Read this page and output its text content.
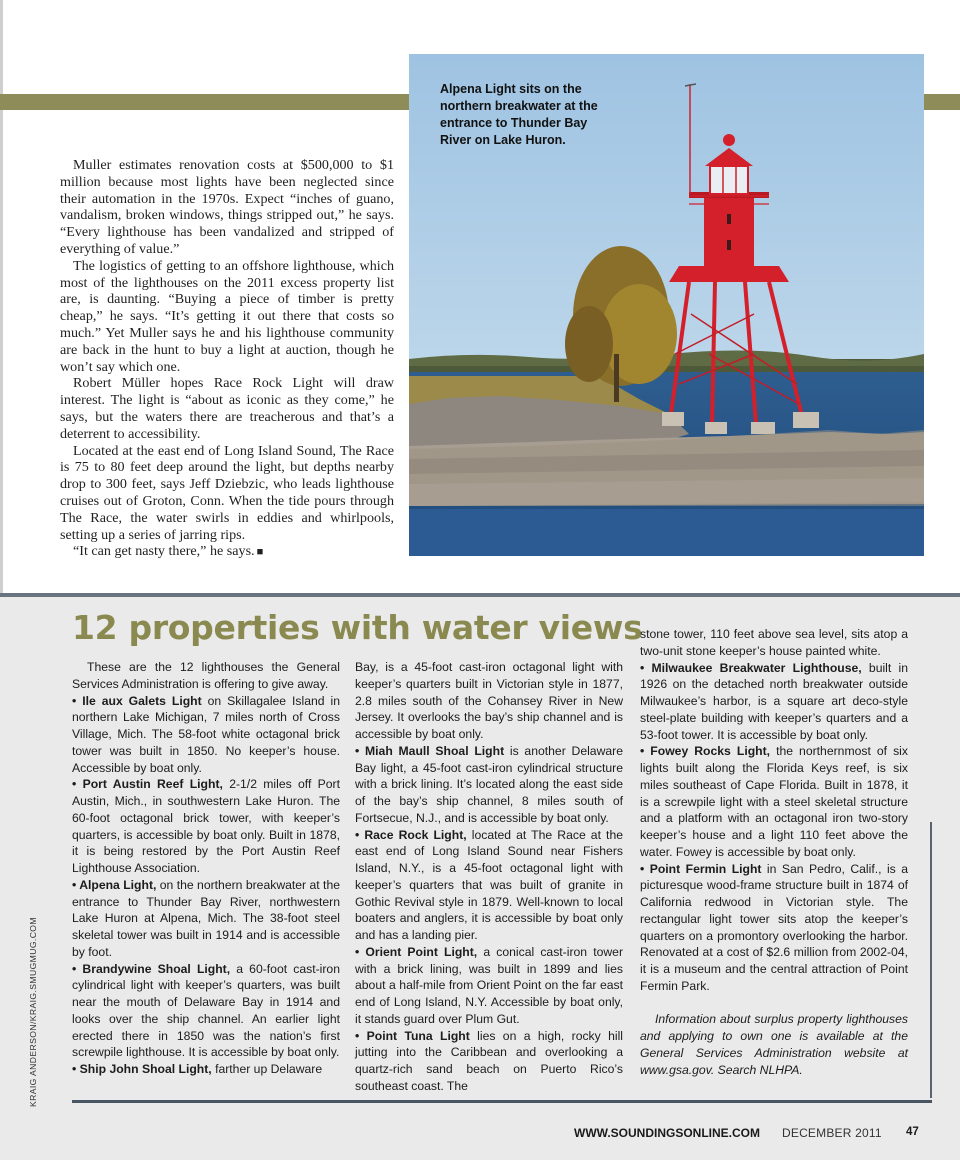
Alpena Light sits on the northern breakwater at the entrance to Thunder Bay River on Lake Huron.

Muller estimates renovation costs at $500,000 to $1 million because most lights have been neglected since their automation in the 1970s. Expect “inches of guano, vandalism, broken windows, things stripped out,” he says. “Every lighthouse has been vandalized and stripped of everything of value.”

The logistics of getting to an offshore lighthouse, which most of the lighthouses on the 2011 excess property list are, is daunting. “Buying a piece of timber is pretty cheap,” he says. “It’s getting it out there that costs so much.” Yet Muller says he and his lighthouse community are back in the hunt to buy a light at auction, though he won’t say which one.

Robert Müller hopes Race Rock Light will draw interest. The light is “about as iconic as they come,” he says, but the waters there are treacherous and that’s a deterrent to accessibility.

Located at the east end of Long Island Sound, The Race is 75 to 80 feet deep around the light, but depths nearby drop to 300 feet, says Jeff Dziebzic, who leads lighthouse cruises out of Groton, Conn. When the tide pours through The Race, the water swirls in eddies and whirlpools, setting up a series of jarring rips.

“It can get nasty there,” he says. ■

12 properties with water views

These are the 12 lighthouses the General Services Administration is offering to give away.

• Ile aux Galets Light on Skillagalee Island in northern Lake Michigan, 7 miles north of Cross Village, Mich. The 58-foot white octagonal brick tower was built in 1850. No keeper’s house. Accessible by boat only.

• Port Austin Reef Light, 2-1/2 miles off Port Austin, Mich., in southwestern Lake Huron. The 60-foot octagonal brick tower, with keeper’s quarters, is accessible by boat only. Built in 1878, it is being restored by the Port Austin Reef Lighthouse Association.

• Alpena Light, on the northern breakwater at the entrance to Thunder Bay River, northwestern Lake Huron at Alpena, Mich. The 38-foot steel skeletal tower was built in 1914 and is accessible by foot.

• Brandywine Shoal Light, a 60-foot cast-iron cylindrical light with keeper’s quarters, was built near the mouth of Delaware Bay in 1914 and looks over the ship channel. An earlier light erected there in 1850 was the nation’s first screwpile lighthouse. It is accessible by boat only.

• Ship John Shoal Light, farther up Delaware

Bay, is a 45-foot cast-iron octagonal light with keeper’s quarters built in Victorian style in 1877, 2.8 miles south of the Cohansey River in New Jersey. It overlooks the bay’s ship channel and is accessible by boat only.

• Miah Maull Shoal Light is another Delaware Bay light, a 45-foot cast-iron cylindrical structure with a brick lining. It’s located along the east side of the bay’s ship channel, 8 miles south of Fortsecue, N.J., and is accessible by boat only.

• Race Rock Light, located at The Race at the east end of Long Island Sound near Fishers Island, N.Y., is a 45-foot octagonal light with keeper’s quarters that was built of granite in Gothic Revival style in 1879. Well-known to local boaters and anglers, it is accessible by boat only and has a landing pier.

• Orient Point Light, a conical cast-iron tower with a brick lining, was built in 1899 and lies about a half-mile from Orient Point on the far east end of Long Island, N.Y. Accessible by boat only, it stands guard over Plum Gut.

• Point Tuna Light lies on a high, rocky hill jutting into the Caribbean and overlooking a quartz-rich sand beach on Puerto Rico’s southeast coast. The

stone tower, 110 feet above sea level, sits atop a two-unit stone keeper’s house painted white.

• Milwaukee Breakwater Lighthouse, built in 1926 on the detached north breakwater outside Milwaukee’s harbor, is a square art deco-style steel-plate building with keeper’s quarters and a 53-foot tower. It is accessible by boat only.

• Fowey Rocks Light, the northernmost of six lights built along the Florida Keys reef, is six miles southeast of Cape Florida. Built in 1878, it is a screwpile light with a steel skeletal structure and a platform with an octagonal iron two-story keeper’s house and a light 110 feet above the water. Fowey is accessible by boat only.

• Point Fermin Light in San Pedro, Calif., is a picturesque wood-frame structure built in 1874 of California redwood in Victorian style. The rectangular light tower sits atop the keeper’s quarters on a promontory overlooking the harbor. Renovated at a cost of $2.6 million from 2002-04, it is a museum and the central attraction of Point Fermin Park.

Information about surplus property lighthouses and applying to own one is available at the General Services Administration website at www.gsa.gov. Search NLHPA.

KRAIG ANDERSON/KRAIG.SMUGMUG.COM
WWW.SOUNDINGSONLINE.COM DECEMBER 2011 47
